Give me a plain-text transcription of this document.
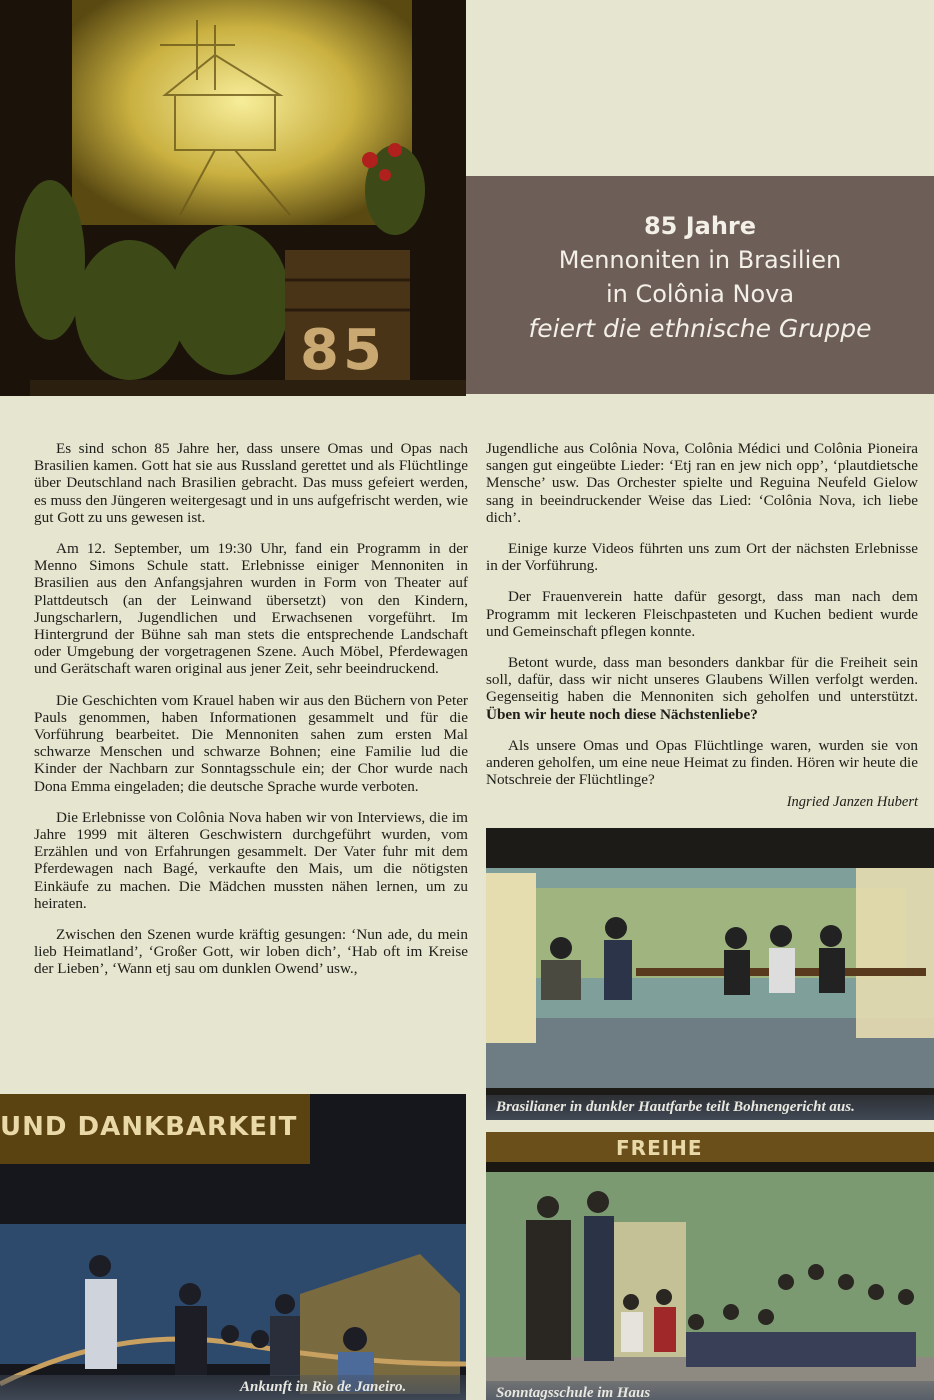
85
85 Jahre
Mennoniten in Brasilien
in Colônia Nova
feiert die ethnische Gruppe

Es sind schon 85 Jahre her, dass unsere Omas und Opas nach Brasilien kamen. Gott hat sie aus Russland gerettet und als Flüchtlinge über Deutschland nach Brasilien gebracht. Das muss gefeiert werden, es muss den Jüngeren weitergesagt und in uns aufgefrischt werden, wie gut Gott zu uns gewesen ist.

Am 12. September, um 19:30 Uhr, fand ein Programm in der Menno Simons Schule statt. Erlebnisse einiger Mennoniten in Brasilien aus den Anfangsjahren wurden in Form von Theater auf Plattdeutsch (an der Leinwand übersetzt) von den Kindern, Jungscharlern, Jugendlichen und Erwachsenen vorgeführt. Im Hintergrund der Bühne sah man stets die entsprechende Landschaft oder Umgebung der vorgetragenen Szene. Auch Möbel, Pferdewagen und Gerätschaft waren original aus jener Zeit, sehr beeindruckend.

Die Geschichten vom Krauel haben wir aus den Büchern von Peter Pauls genommen, haben Informationen gesammelt und für die Vorführung bearbeitet. Die Mennoniten sahen zum ersten Mal schwarze Menschen und schwarze Bohnen; eine Familie lud die Kinder der Nachbarn zur Sonntagsschule ein; der Chor wurde nach Dona Emma eingeladen; die deutsche Sprache wurde verboten.

Die Erlebnisse von Colônia Nova haben wir von Interviews, die im Jahre 1999 mit älteren Geschwistern durchgeführt wurden, vom Erzählen und von Erfahrungen gesammelt. Der Vater fuhr mit dem Pferdewagen nach Bagé, verkaufte den Mais, um die nötigsten Einkäufe zu machen. Die Mädchen mussten nähen lernen, um zu heiraten.

Zwischen den Szenen wurde kräftig gesungen: ‘Nun ade, du mein lieb Heimatland’, ‘Großer Gott, wir loben dich’, ‘Hab oft im Kreise der Lieben’, ‘Wann etj sau om dunklen Owend’ usw.,

Jugendliche aus Colônia Nova, Colônia Médici und Colônia Pioneira sangen gut eingeübte Lieder: ‘Etj ran en jew nich opp’, ‘plautdietsche Mensche’ usw. Das Orchester spielte und Reguina Neufeld Gielow sang in beeindruckender Weise das Lied: ‘Colônia Nova, ich liebe dich’.

Einige kurze Videos führten uns zum Ort der nächsten Erlebnisse in der Vorführung.

Der Frauenverein hatte dafür gesorgt, dass man nach dem Programm mit leckeren Fleischpasteten und Kuchen bedient wurde und Gemeinschaft pflegen konnte.

Betont wurde, dass man besonders dankbar für die Freiheit sein soll, dafür, dass wir nicht unseres Glaubens Willen verfolgt werden. Gegenseitig haben die Mennoniten sich geholfen und unterstützt. Üben wir heute noch diese Nächstenliebe?

Als unsere Omas und Opas Flüchtlinge waren, wurden sie von anderen geholfen, um eine neue Heimat zu finden. Hören wir heute die Notschreie der Flüchtlinge?

Ingried Janzen Hubert

Brasilianer in dunkler Hautfarbe teilt Bohnengericht aus.
UND DANKBARKEIT
Ankunft in Rio de Janeiro.
FREIHE
Sonntagsschule im Haus
